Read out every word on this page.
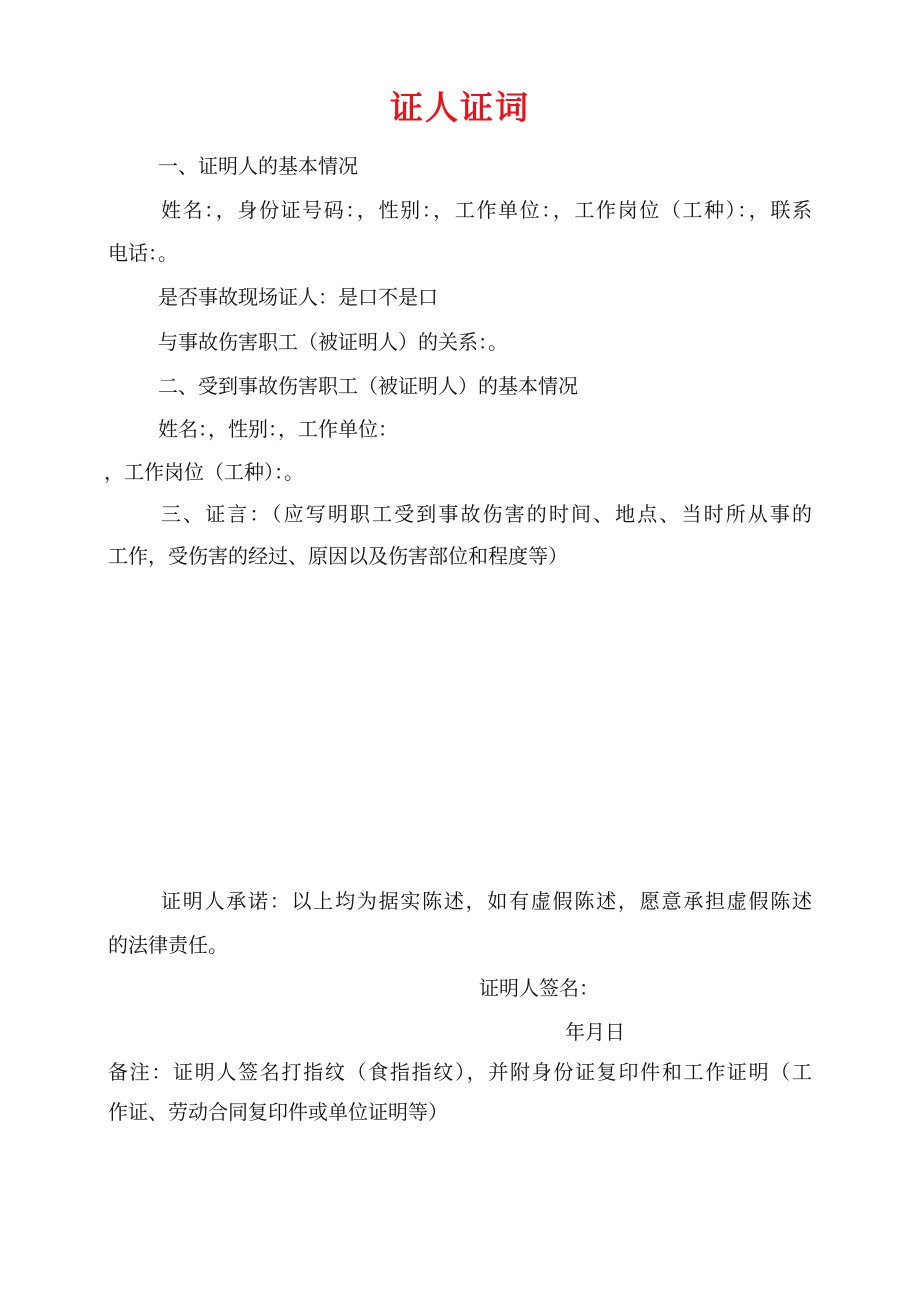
证人证词
一、证明人的基本情况
姓名：，身份证号码：，性别：，工作单位：，工作岗位（工种）：，联系
电话：。
是否事故现场证人：是口不是口
与事故伤害职工（被证明人）的关系：。
二、受到事故伤害职工（被证明人）的基本情况
姓名：，性别：，工作单位：
，工作岗位（工种）：。
三、证言：（应写明职工受到事故伤害的时间、地点、当时所从事的
工作，受伤害的经过、原因以及伤害部位和程度等）
证明人承诺：以上均为据实陈述，如有虚假陈述，愿意承担虚假陈述
的法律责任。
证明人签名：
年月日
备注：证明人签名打指纹（食指指纹），并附身份证复印件和工作证明（工
作证、劳动合同复印件或单位证明等）
